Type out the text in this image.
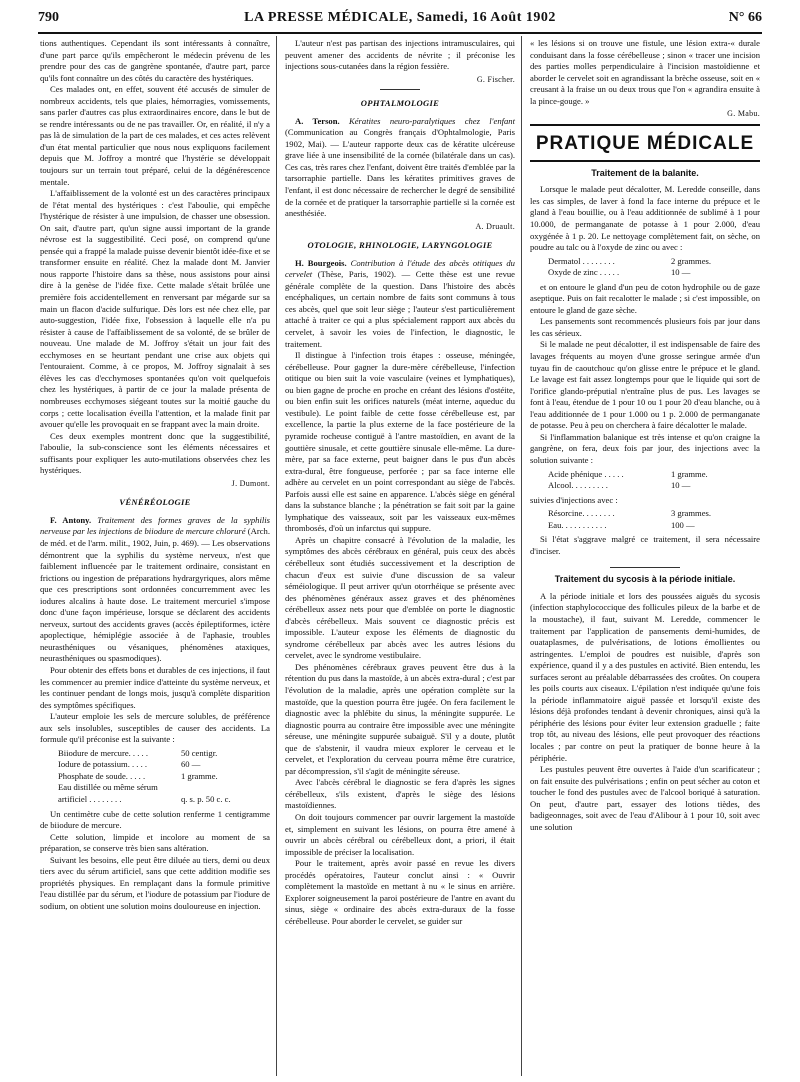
790	LA PRESSE MÉDICALE, Samedi, 16 Août 1902	N° 66

tions authentiques. Cependant ils sont intéressants à connaître, d'une part parce qu'ils empêcheront le médecin prévenu de les prendre pour des cas de gangrène spontanée, d'autre part, parce qu'ils font connaître un des côtés du caractère des hystériques.

Ces malades ont, en effet, souvent été accusés de simuler de nombreux accidents, tels que plaies, hémorragies, vomissements, sans parler d'autres cas plus extraordinaires encore, dans le but de se rendre intéressants ou de ne pas travailler. Or, en réalité, il n'y a pas là de simulation de la part de ces malades, et ces actes relèvent d'un état mental particulier que nous nous expliquons facilement depuis que M. Joffroy a montré que l'hystérie se développait toujours sur un terrain tout préparé, celui de la dégénérescence mentale.

L'affaiblissement de la volonté est un des caractères principaux de l'état mental des hystériques : c'est l'aboulie, qui empêche l'hystérique de résister à une impulsion, de chasser une obsession. On sait, d'autre part, qu'un signe aussi important de la grande névrose est la suggestibilité. Ceci posé, on comprend qu'une pensée qui a frappé la malade puisse devenir bientôt idée-fixe et se transformer ensuite en réalité. Chez la malade dont M. Janvier nous rapporte l'histoire dans sa thèse, nous assistons pour ainsi dire à la genèse de l'idée fixe. Cette malade s'était brûlée une première fois accidentellement en renversant par mégarde sur sa main un flacon d'acide sulfurique. Dès lors est née chez elle, par auto-suggestion, l'idée fixe, l'obsession à laquelle elle n'a pu résister à cause de l'affaiblissement de sa volonté, de se brûler de nouveau. Une malade de M. Joffroy s'était un jour fait des ecchymoses en se heurtant pendant une crise aux objets qui l'entouraient. Comme, à ce propos, M. Joffroy signalait à ses élèves les cas d'ecchymoses spontanées qu'on voit quelquefois chez les hystériques, à partir de ce jour la malade présenta de nombreuses ecchymoses siégeant toutes sur la moitié gauche du corps ; cette localisation éveilla l'attention, et la malade finit par avouer qu'elle les provoquait en se frappant avec la main droite.

Ces deux exemples montrent donc que la suggestibilité, l'aboulie, la sub-conscience sont les éléments nécessaires et suffisants pour expliquer les auto-mutilations observées chez les hystériques.

J. Dumont.

VÉNÉRÉOLOGIE

F. Antony. Traitement des formes graves de la syphilis nerveuse par les injections de biiodure de mercure chloruré (Arch. de méd. et de l'arm. milit., 1902, Juin, p. 469). — Les observations démontrent que la syphilis du système nerveux, n'est que faiblement influencée par le traitement ordinaire, consistant en frictions ou ingestion de préparations hydrargyriques, alors même que ces prescriptions sont ordonnées concurremment avec les iodures alcalins à haute dose. Le traitement mercuriel s'impose donc d'une façon impérieuse, lorsque se déclarent des accidents nerveux, surtout des accidents graves (accès épileptiformes, ictère apoplectique, hémiplégie associée à de l'aphasie, troubles neurasthéniques ou vésaniques, phénomènes ataxiques, neurasthéniques ou spasmodiques).

Pour obtenir des effets bons et durables de ces injections, il faut les commencer au premier indice d'atteinte du système nerveux, et les continuer pendant de longs mois, jusqu'à complète disparition des symptômes spécifiques.

L'auteur emploie les sels de mercure solubles, de préférence aux sels insolubles, susceptibles de causer des accidents. La formule qu'il préconise est la suivante :

Biiodure de mercure. . . . .	50 centigr.
Iodure de potassium. . . . .	60 —
Phosphate de soude. . . . .	1 gramme.
Eau distillée ou même sérum
artificiel . . . . . . . .	q. s. p. 50 c. c.

Un centimètre cube de cette solution renferme 1 centigramme de biiodure de mercure.

Cette solution, limpide et incolore au moment de sa préparation, se conserve très bien sans altération.

Suivant les besoins, elle peut être diluée au tiers, demi ou deux tiers avec du sérum artificiel, sans que cette addition modifie ses propriétés physiques. En remplaçant dans la formule primitive l'eau distillée par du sérum, et l'iodure de potassium par l'iodure de sodium, on obtient une solution moins douloureuse en injection.

L'auteur n'est pas partisan des injections intramusculaires, qui peuvent amener des accidents de névrite ; il préconise les injections sous-cutanées dans la région fessière.

G. Fischer.

OPHTALMOLOGIE

A. Terson. Kératites neuro-paralytiques chez l'enfant (Communication au Congrès français d'Ophtalmologie, Paris 1902, Mai). — L'auteur rapporte deux cas de kératite ulcéreuse grave liée à une insensibilité de la cornée (bilatérale dans un cas). Ces cas, très rares chez l'enfant, doivent être traités d'emblée par la tarsorraphie partielle. Dans les kératites primitives graves de l'enfant, il est donc nécessaire de rechercher le degré de sensibilité de la cornée et de pratiquer la tarsorraphie partielle si la cornée est anesthésiée.

A. Druault.

OTOLOGIE, RHINOLOGIE, LARYNGOLOGIE

H. Bourgeois. Contribution à l'étude des abcès otitiques du cervelet (Thèse, Paris, 1902). — Cette thèse est une revue générale complète de la question. Dans l'histoire des abcès encéphaliques, un certain nombre de faits sont communs à tous ces abcès, quel que soit leur siège ; l'auteur s'est particulièrement attaché à traiter ce qui a plus spécialement rapport aux abcès du cervelet, à savoir les voies de l'infection, le diagnostic, le traitement.

Il distingue à l'infection trois étapes : osseuse, méningée, cérébelleuse. Pour gagner la dure-mère cérébelleuse, l'infection otitique ou bien suit la voie vasculaire (veines et lymphatiques), ou bien gagne de proche en proche en créant des lésions d'ostéite, ou bien enfin suit les orifices naturels (méat interne, aqueduc du vestibule). Le point faible de cette fosse cérébelleuse est, par excellence, la partie la plus externe de la face postérieure de la pyramide rocheuse contiguë à l'antre mastoïdien, en avant de la gouttière sinusale, et cette gouttière sinusale elle-même. La dure-mère, par sa face externe, peut baigner dans le pus d'un abcès extra-dural, être fongueuse, perforée ; par sa face interne elle adhère au cervelet en un point correspondant au siège de l'abcès. Parfois aussi elle est saine en apparence. L'abcès siège en général dans la substance blanche ; la pénétration se fait soit par la gaine lymphatique des vaisseaux, soit par les vaisseaux eux-mêmes thrombosés, d'où un infarctus qui suppure.

Après un chapitre consacré à l'évolution de la maladie, les symptômes des abcès cérébraux en général, puis ceux des abcès cérébelleux sont étudiés successivement et la description de chacun d'eux est suivie d'une discussion de sa valeur séméiologique. Il peut arriver qu'un otorrhéique se présente avec des phénomènes généraux assez graves et des phénomènes cérébelleux assez nets pour que d'emblée on porte le diagnostic d'abcès cérébelleux. Mais souvent ce diagnostic précis est impossible. L'auteur expose les éléments de diagnostic du syndrome cérébelleux par abcès avec les autres lésions du cervelet, avec le syndrome vestibulaire.

Des phénomènes cérébraux graves peuvent être dus à la rétention du pus dans la mastoïde, à un abcès extra-dural ; c'est par l'évolution de la maladie, après une opération complète sur la mastoïde, que la question pourra être jugée. On fera facilement le diagnostic avec la phlébite du sinus, la méningite suppurée. Le diagnostic pourra au contraire être impossible avec une méningite séreuse, une méningite suppurée subaiguë. S'il y a doute, plutôt que de s'abstenir, il vaudra mieux explorer le cerveau et le cervelet, et l'exploration du cerveau pourra même être curatrice, par décompression, s'il s'agit de méningite séreuse.

Avec l'abcès cérébral le diagnostic se fera d'après les signes cérébelleux, s'ils existent, d'après le siège des lésions mastoïdiennes.

On doit toujours commencer par ouvrir largement la mastoïde et, simplement en suivant les lésions, on pourra être amené à ouvrir un abcès cérébral ou cérébelleux dont, a priori, il était impossible de préciser la localisation.

Pour le traitement, après avoir passé en revue les divers procédés opératoires, l'auteur conclut ainsi : « Ouvrir complètement la mastoïde en mettant à nu « le sinus en arrière. Explorer soigneusement la paroi postérieure de l'antre en avant du sinus, siège « ordinaire des abcès extra-duraux de la fosse cérébelleuse. Pour aborder le cervelet, se guider sur

« les lésions si on trouve une fistule, une lésion extra-« durale conduisant dans la fosse cérébelleuse ; sinon « tracer une incision des parties molles perpendiculaire à l'incision mastoïdienne et aborder le cervelet soit en agrandissant la brèche osseuse, soit en « creusant à la fraise un ou deux trous que l'on « agrandira ensuite à la pince-gouge. »

G. Mabu.

PRATIQUE MÉDICALE
Traitement de la balanite.

Lorsque le malade peut décalotter, M. Leredde conseille, dans les cas simples, de laver à fond la face interne du prépuce et le gland à l'eau bouillie, ou à l'eau additionnée de sublimé à 1 pour 10.000, de permanganate de potasse à 1 pour 2.000, d'eau oxygénée à 1 p. 20. Le nettoyage complètement fait, on sèche, on poudre au talc ou à l'oxyde de zinc ou avec :

Dermatol . . . . . . . .	2 grammes.
Oxyde de zinc . . . . .	10 —

et on entoure le gland d'un peu de coton hydrophile ou de gaze aseptique. Puis on fait recalotter le malade ; si c'est impossible, on entoure le gland de gaze sèche.

Les pansements sont recommencés plusieurs fois par jour dans les cas sérieux.

Si le malade ne peut décalotter, il est indispensable de faire des lavages fréquents au moyen d'une grosse seringue armée d'un tuyau fin de caoutchouc qu'on glisse entre le prépuce et le gland. Le lavage est fait assez longtemps pour que le liquide qui sort de l'orifice glando-préputial n'entraîne plus de pus. Les lavages se font à l'eau, étendue de 1 pour 10 ou 1 pour 20 d'eau blanche, ou à l'eau additionnée de 1 pour 1.000 ou 1 p. 2.000 de permanganate de potasse. Peu à peu on cherchera à faire décalotter le malade.

Si l'inflammation balanique est très intense et qu'on craigne la gangrène, on fera, deux fois par jour, des injections avec la solution suivante :

Acide phénique . . . . .	1 gramme.
Alcool. . . . . . . . .	10 —

suivies d'injections avec :

Résorcine. . . . . . . .	3 grammes.
Eau. . . . . . . . . . .	100 —

Si l'état s'aggrave malgré ce traitement, il sera nécessaire d'inciser.

Traitement du sycosis à la période initiale.

A la période initiale et lors des poussées aiguës du sycosis (infection staphylococcique des follicules pileux de la barbe et de la moustache), il faut, suivant M. Leredde, commencer le traitement par l'application de pansements demi-humides, de ouataplasmes, de pulvérisations, de lotions émollientes ou astringentes. L'emploi de poudres est nuisible, d'après son expérience, quand il y a des pustules en activité. Bien entendu, les surfaces seront au préalable débarrassées des croûtes. On coupera les poils courts aux ciseaux. L'épilation n'est indiquée qu'une fois la période inflammatoire aiguë passée et lorsqu'il existe des lésions déjà profondes tendant à devenir chroniques, ainsi qu'à la périphérie des lésions pour éviter leur extension graduelle ; faite trop tôt, au niveau des lésions, elle peut provoquer des réactions locales ; par contre on peut la pratiquer de bonne heure à la périphérie.

Les pustules peuvent être ouvertes à l'aide d'un scarificateur ; on fait ensuite des pulvérisations ; enfin on peut sécher au coton et toucher le fond des pustules avec de l'alcool boriqué à saturation. On peut, d'autre part, essayer des lotions tièdes, des badigeonnages, soit avec de l'eau d'Alibour à 1 pour 10, soit avec une solution
